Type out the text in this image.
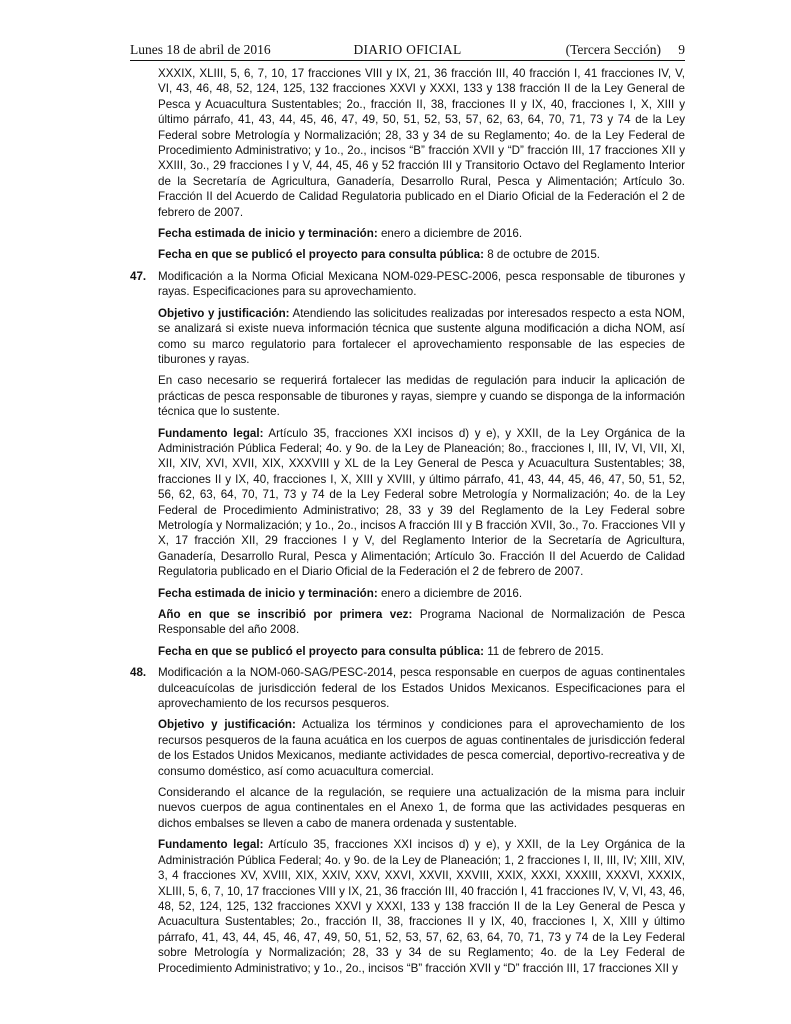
Lunes 18 de abril de 2016	DIARIO OFICIAL	(Tercera Sección) 9

XXXIX, XLIII, 5, 6, 7, 10, 17 fracciones VIII y IX, 21, 36 fracción III, 40 fracción I, 41 fracciones IV, V, VI, 43, 46, 48, 52, 124, 125, 132 fracciones XXVI y XXXI, 133 y 138 fracción II de la Ley General de Pesca y Acuacultura Sustentables; 2o., fracción II, 38, fracciones II y IX, 40, fracciones I, X, XIII y último párrafo, 41, 43, 44, 45, 46, 47, 49, 50, 51, 52, 53, 57, 62, 63, 64, 70, 71, 73 y 74 de la Ley Federal sobre Metrología y Normalización; 28, 33 y 34 de su Reglamento; 4o. de la Ley Federal de Procedimiento Administrativo; y 1o., 2o., incisos “B” fracción XVII y “D” fracción III, 17 fracciones XII y XXIII, 3o., 29 fracciones I y V, 44, 45, 46 y 52 fracción III y Transitorio Octavo del Reglamento Interior de la Secretaría de Agricultura, Ganadería, Desarrollo Rural, Pesca y Alimentación; Artículo 3o. Fracción II del Acuerdo de Calidad Regulatoria publicado en el Diario Oficial de la Federación el 2 de febrero de 2007.

Fecha estimada de inicio y terminación: enero a diciembre de 2016.

Fecha en que se publicó el proyecto para consulta pública: 8 de octubre de 2015.

47. Modificación a la Norma Oficial Mexicana NOM-029-PESC-2006, pesca responsable de tiburones y rayas. Especificaciones para su aprovechamiento.

Objetivo y justificación: Atendiendo las solicitudes realizadas por interesados respecto a esta NOM, se analizará si existe nueva información técnica que sustente alguna modificación a dicha NOM, así como su marco regulatorio para fortalecer el aprovechamiento responsable de las especies de tiburones y rayas.

En caso necesario se requerirá fortalecer las medidas de regulación para inducir la aplicación de prácticas de pesca responsable de tiburones y rayas, siempre y cuando se disponga de la información técnica que lo sustente.

Fundamento legal: Artículo 35, fracciones XXI incisos d) y e), y XXII, de la Ley Orgánica de la Administración Pública Federal; 4o. y 9o. de la Ley de Planeación; 8o., fracciones I, III, IV, VI, VII, XI, XII, XIV, XVI, XVII, XIX, XXXVIII y XL de la Ley General de Pesca y Acuacultura Sustentables; 38, fracciones II y IX, 40, fracciones I, X, XIII y XVIII, y último párrafo, 41, 43, 44, 45, 46, 47, 50, 51, 52, 56, 62, 63, 64, 70, 71, 73 y 74 de la Ley Federal sobre Metrología y Normalización; 4o. de la Ley Federal de Procedimiento Administrativo; 28, 33 y 39 del Reglamento de la Ley Federal sobre Metrología y Normalización; y 1o., 2o., incisos A fracción III y B fracción XVII, 3o., 7o. Fracciones VII y X, 17 fracción XII, 29 fracciones I y V, del Reglamento Interior de la Secretaría de Agricultura, Ganadería, Desarrollo Rural, Pesca y Alimentación; Artículo 3o. Fracción II del Acuerdo de Calidad Regulatoria publicado en el Diario Oficial de la Federación el 2 de febrero de 2007.

Fecha estimada de inicio y terminación: enero a diciembre de 2016.

Año en que se inscribió por primera vez: Programa Nacional de Normalización de Pesca Responsable del año 2008.

Fecha en que se publicó el proyecto para consulta pública: 11 de febrero de 2015.

48. Modificación a la NOM-060-SAG/PESC-2014, pesca responsable en cuerpos de aguas continentales dulceacuícolas de jurisdicción federal de los Estados Unidos Mexicanos. Especificaciones para el aprovechamiento de los recursos pesqueros.

Objetivo y justificación: Actualiza los términos y condiciones para el aprovechamiento de los recursos pesqueros de la fauna acuática en los cuerpos de aguas continentales de jurisdicción federal de los Estados Unidos Mexicanos, mediante actividades de pesca comercial, deportivo-recreativa y de consumo doméstico, así como acuacultura comercial.

Considerando el alcance de la regulación, se requiere una actualización de la misma para incluir nuevos cuerpos de agua continentales en el Anexo 1, de forma que las actividades pesqueras en dichos embalses se lleven a cabo de manera ordenada y sustentable.

Fundamento legal: Artículo 35, fracciones XXI incisos d) y e), y XXII, de la Ley Orgánica de la Administración Pública Federal; 4o. y 9o. de la Ley de Planeación; 1, 2 fracciones I, II, III, IV; XIII, XIV, 3, 4 fracciones XV, XVIII, XIX, XXIV, XXV, XXVI, XXVII, XXVIII, XXIX, XXXI, XXXIII, XXXVI, XXXIX, XLIII, 5, 6, 7, 10, 17 fracciones VIII y IX, 21, 36 fracción III, 40 fracción I, 41 fracciones IV, V, VI, 43, 46, 48, 52, 124, 125, 132 fracciones XXVI y XXXI, 133 y 138 fracción II de la Ley General de Pesca y Acuacultura Sustentables; 2o., fracción II, 38, fracciones II y IX, 40, fracciones I, X, XIII y último párrafo, 41, 43, 44, 45, 46, 47, 49, 50, 51, 52, 53, 57, 62, 63, 64, 70, 71, 73 y 74 de la Ley Federal sobre Metrología y Normalización; 28, 33 y 34 de su Reglamento; 4o. de la Ley Federal de Procedimiento Administrativo; y 1o., 2o., incisos “B” fracción XVII y “D” fracción III, 17 fracciones XII y
